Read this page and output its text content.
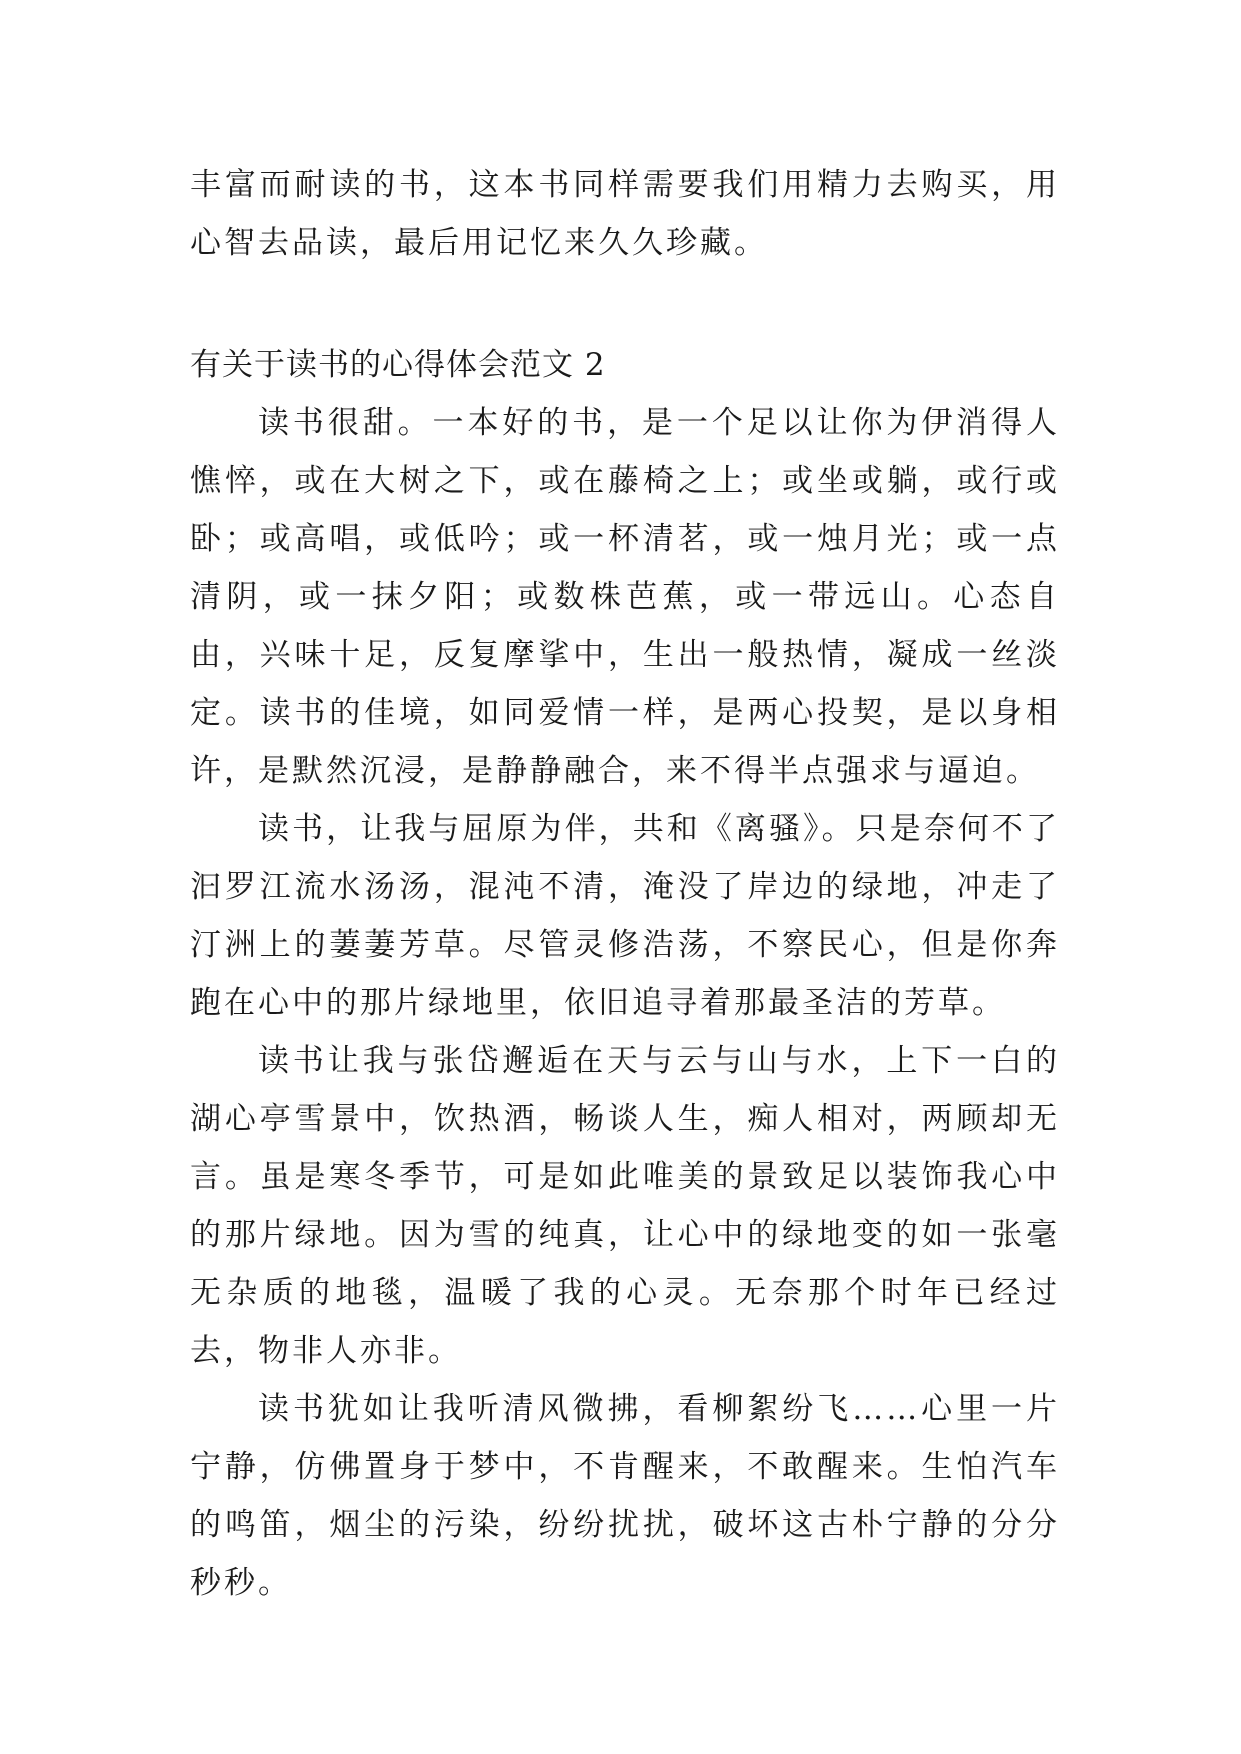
丰富而耐读的书，这本书同样需要我们用精力去购买，用心智去品读，最后用记忆来久久珍藏。

有关于读书的心得体会范文 2

读书很甜。一本好的书，是一个足以让你为伊消得人憔悴，或在大树之下，或在藤椅之上；或坐或躺，或行或卧；或高唱，或低吟；或一杯清茗，或一烛月光；或一点清阴，或一抹夕阳；或数株芭蕉，或一带远山。心态自由，兴味十足，反复摩挲中，生出一般热情，凝成一丝淡定。读书的佳境，如同爱情一样，是两心投契，是以身相许，是默然沉浸，是静静融合，来不得半点强求与逼迫。

读书，让我与屈原为伴，共和《离骚》。只是奈何不了汩罗江流水汤汤，混沌不清，淹没了岸边的绿地，冲走了汀洲上的萋萋芳草。尽管灵修浩荡，不察民心，但是你奔跑在心中的那片绿地里，依旧追寻着那最圣洁的芳草。

读书让我与张岱邂逅在天与云与山与水，上下一白的湖心亭雪景中，饮热酒，畅谈人生，痴人相对，两顾却无言。虽是寒冬季节，可是如此唯美的景致足以装饰我心中的那片绿地。因为雪的纯真，让心中的绿地变的如一张毫无杂质的地毯，温暖了我的心灵。无奈那个时年已经过去，物非人亦非。

读书犹如让我听清风微拂，看柳絮纷飞……心里一片宁静，仿佛置身于梦中，不肯醒来，不敢醒来。生怕汽车的鸣笛，烟尘的污染，纷纷扰扰，破坏这古朴宁静的分分秒秒。
